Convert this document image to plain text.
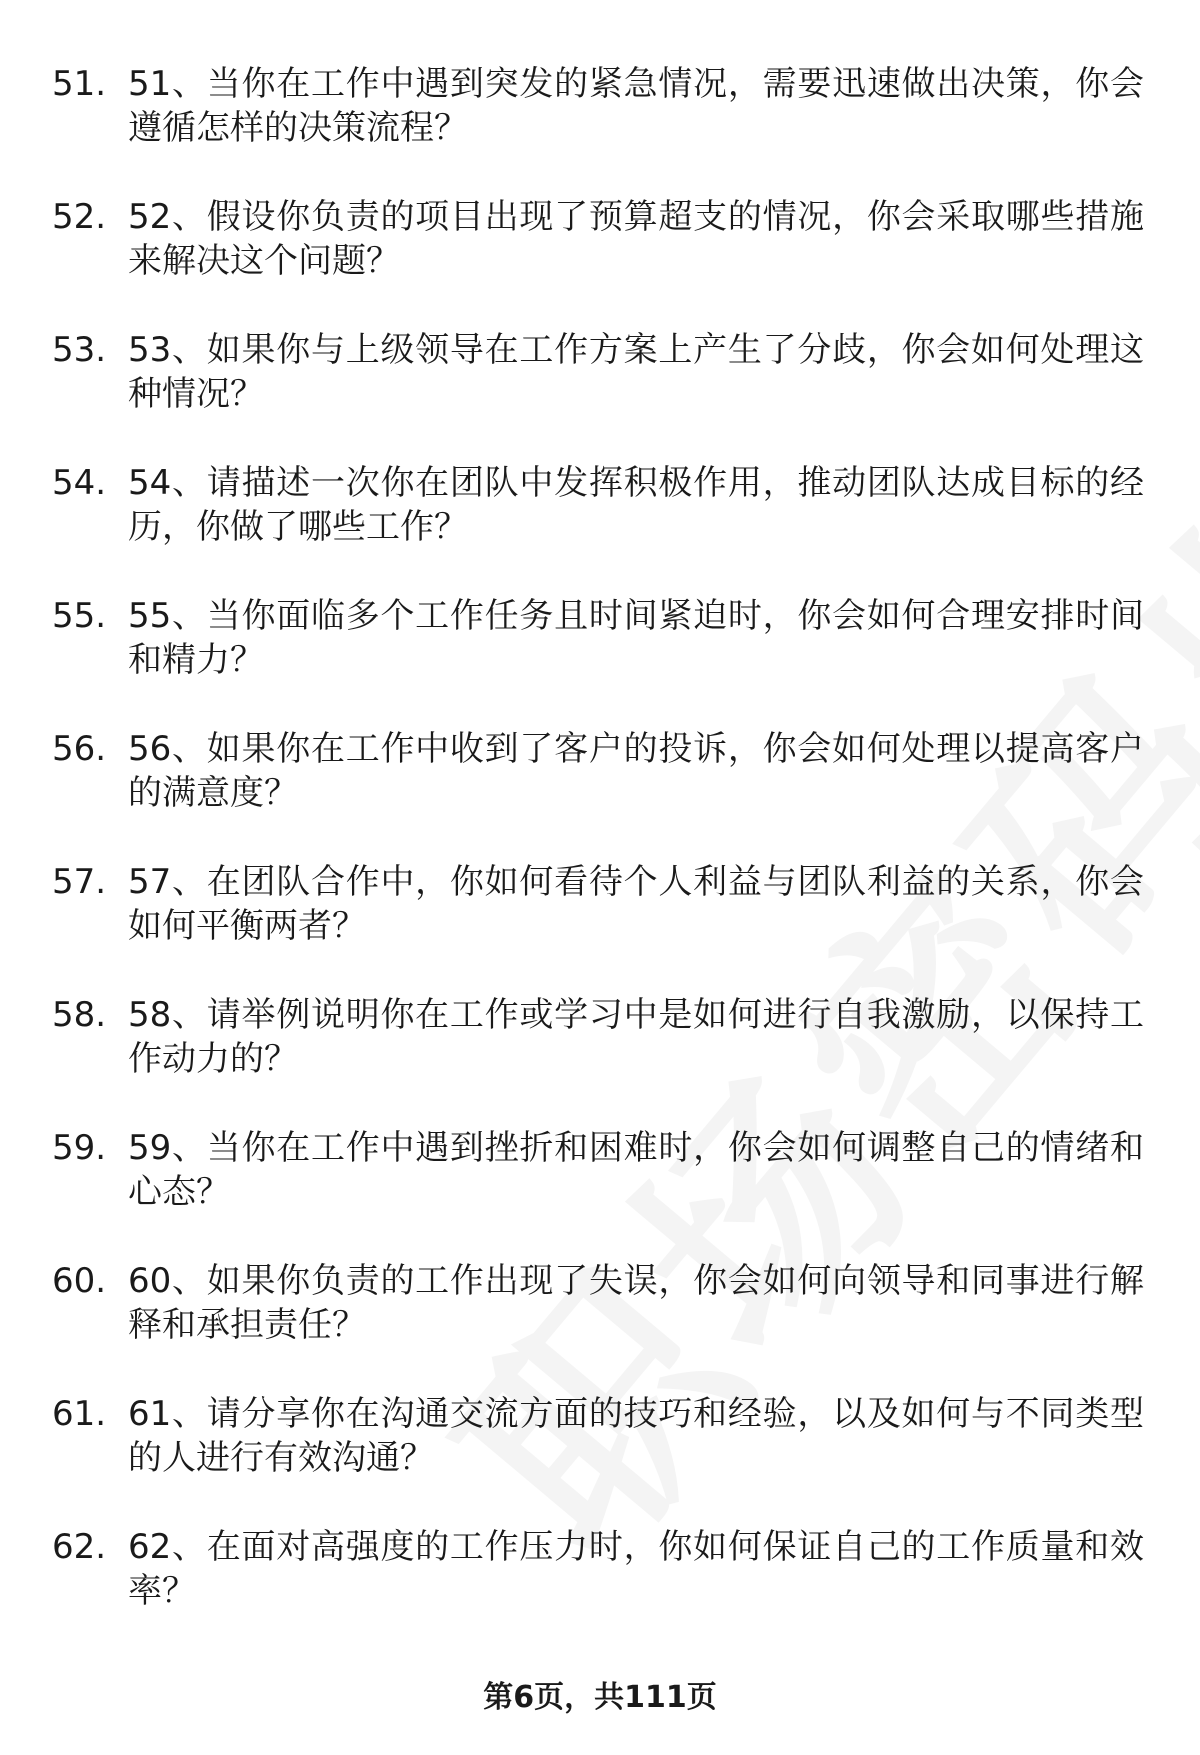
51. 51、当你在工作中遇到突发的紧急情况，需要迅速做出决策，你会遵循怎样的决策流程？
52. 52、假设你负责的项目出现了预算超支的情况，你会采取哪些措施来解决这个问题？
53. 53、如果你与上级领导在工作方案上产生了分歧，你会如何处理这种情况？
54. 54、请描述一次你在团队中发挥积极作用，推动团队达成目标的经历，你做了哪些工作？
55. 55、当你面临多个工作任务且时间紧迫时，你会如何合理安排时间和精力？
56. 56、如果你在工作中收到了客户的投诉，你会如何处理以提高客户的满意度？
57. 57、在团队合作中，你如何看待个人利益与团队利益的关系，你会如何平衡两者？
58. 58、请举例说明你在工作或学习中是如何进行自我激励，以保持工作动力的？
59. 59、当你在工作中遇到挫折和困难时，你会如何调整自己的情绪和心态？
60. 60、如果你负责的工作出现了失误，你会如何向领导和同事进行解释和承担责任？
61. 61、请分享你在沟通交流方面的技巧和经验，以及如何与不同类型的人进行有效沟通？
62. 62、在面对高强度的工作压力时，你如何保证自己的工作质量和效率？
第6页，共111页
